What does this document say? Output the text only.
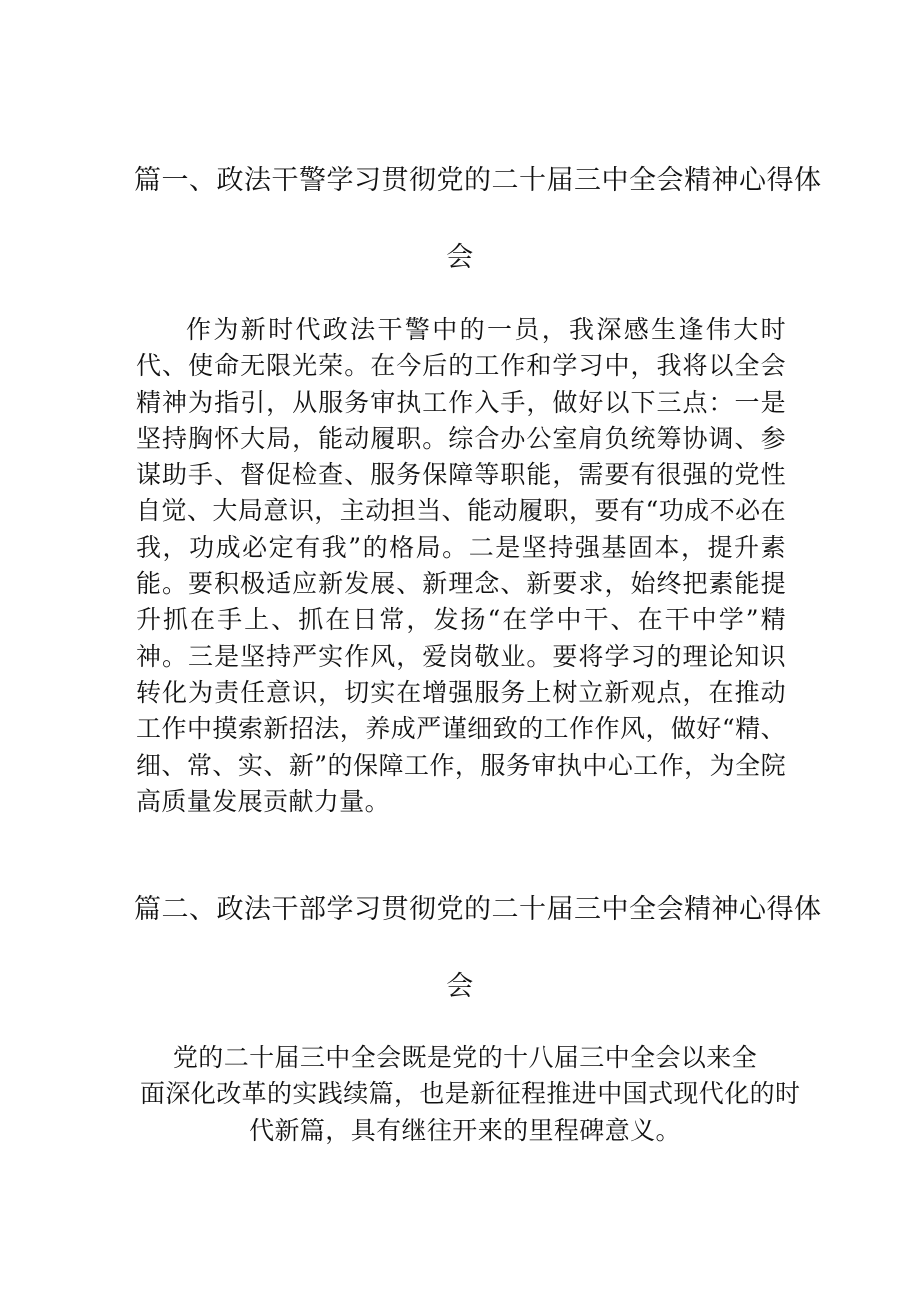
篇一、政法干警学习贯彻党的二十届三中全会精神心得体
会

作为新时代政法干警中的一员，我深感生逢伟大时代、使命无限光荣。在今后的工作和学习中，我将以全会精神为指引，从服务审执工作入手，做好以下三点：一是坚持胸怀大局，能动履职。综合办公室肩负统筹协调、参谋助手、督促检查、服务保障等职能，需要有很强的党性自觉、大局意识，主动担当、能动履职，要有“功成不必在我，功成必定有我”的格局。二是坚持强基固本，提升素能。要积极适应新发展、新理念、新要求，始终把素能提升抓在手上、抓在日常，发扬“在学中干、在干中学”精神。三是坚持严实作风，爱岗敬业。要将学习的理论知识转化为责任意识，切实在增强服务上树立新观点，在推动工作中摸索新招法，养成严谨细致的工作作风，做好“精、细、常、实、新”的保障工作，服务审执中心工作，为全院高质量发展贡献力量。

篇二、政法干部学习贯彻党的二十届三中全会精神心得体
会

党的二十届三中全会既是党的十八届三中全会以来全
面深化改革的实践续篇，也是新征程推进中国式现代化的时
代新篇，具有继往开来的里程碑意义。
